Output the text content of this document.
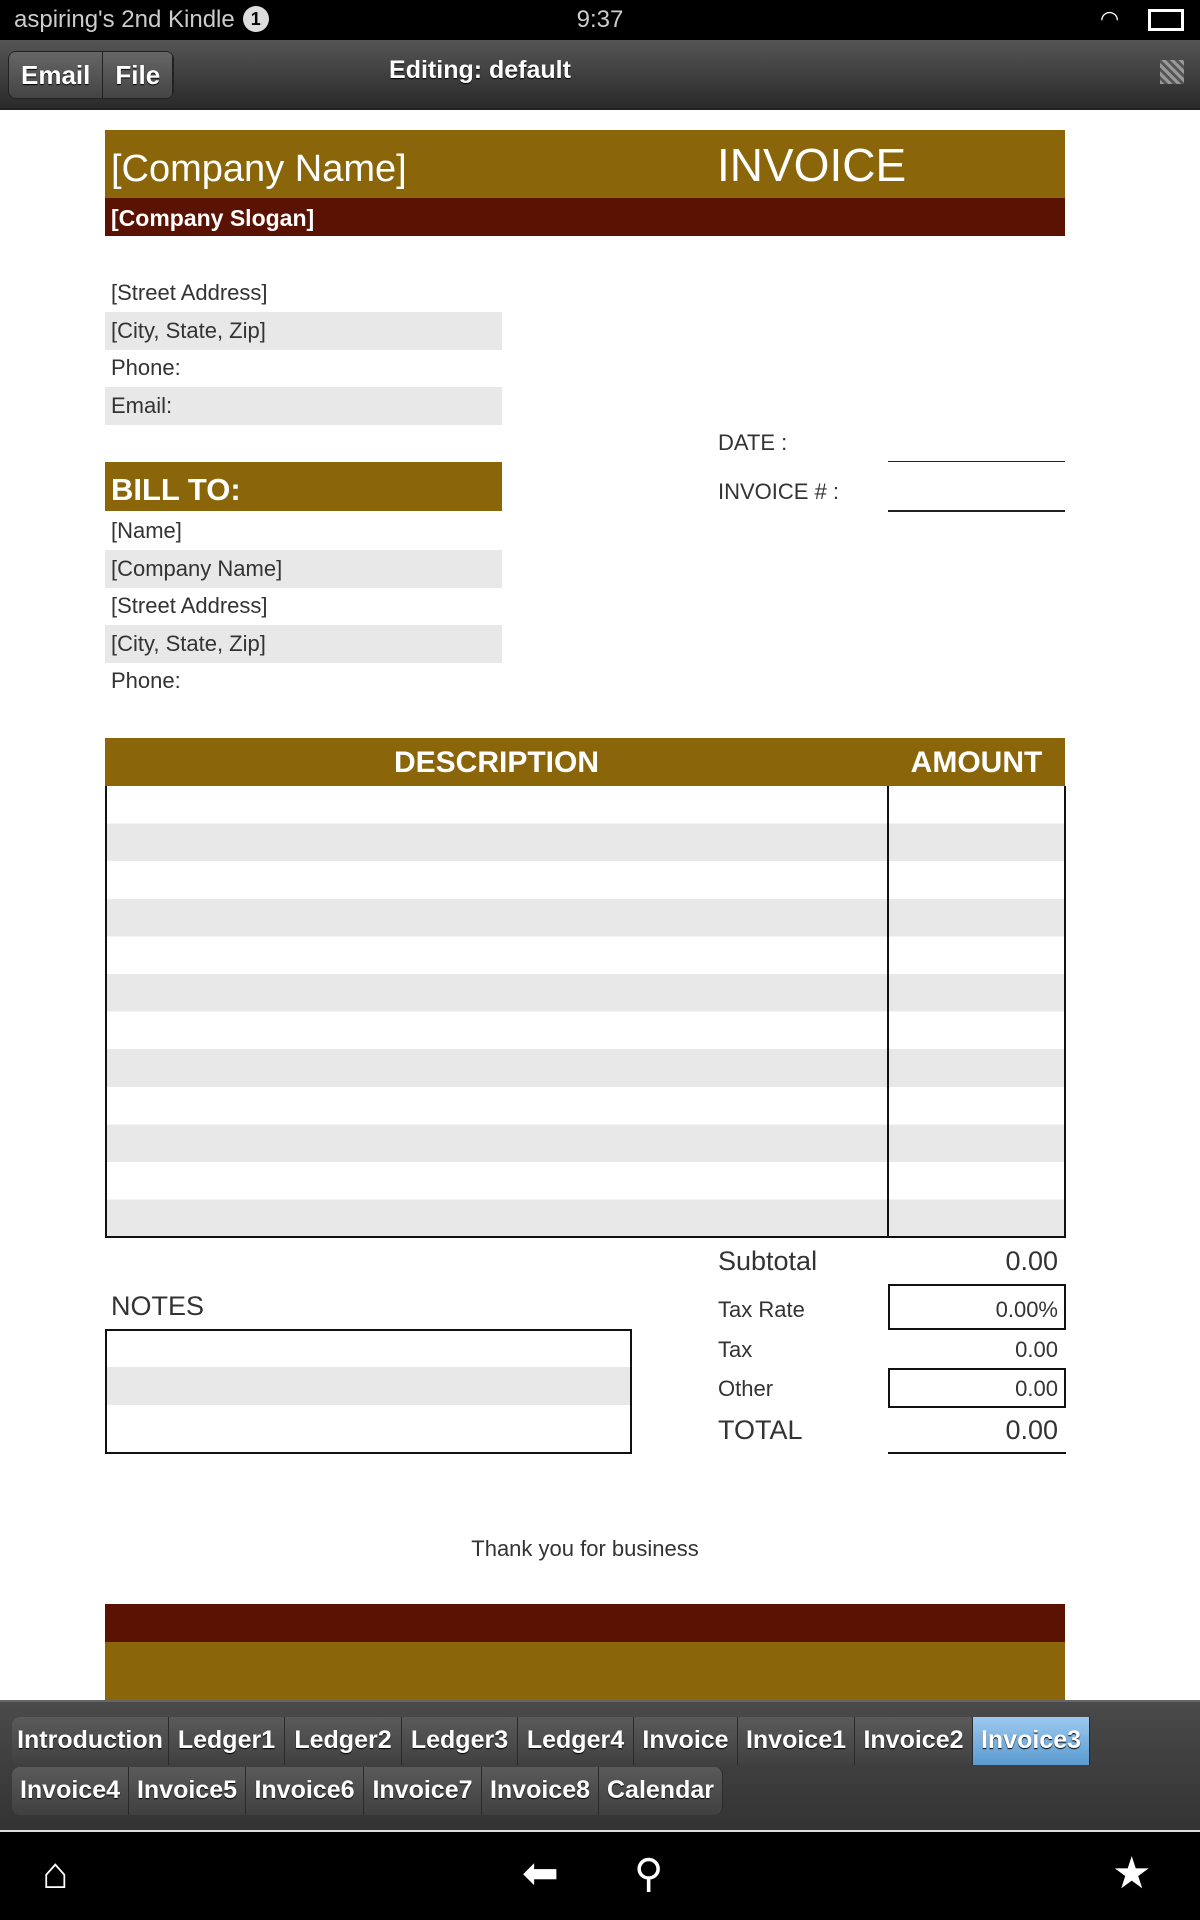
aspiring's 2nd Kindle 1	9:37	◠
Email File	Editing: default
[Company Name]	INVOICE
[Company Slogan]
[Street Address]
[City, State, Zip]
Phone:
Email:
DATE :
INVOICE # :
BILL TO:
[Name]
[Company Name]
[Street Address]
[City, State, Zip]
Phone:
DESCRIPTION	AMOUNT
Subtotal	0.00
Tax Rate	0.00%
Tax	0.00
Other	0.00
TOTAL	0.00
NOTES
Thank you for business
Introduction Ledger1 Ledger2 Ledger3 Ledger4 Invoice Invoice1 Invoice2 Invoice3
Invoice4 Invoice5 Invoice6 Invoice7 Invoice8 Calendar
⌂	⬅ ⚲	★
